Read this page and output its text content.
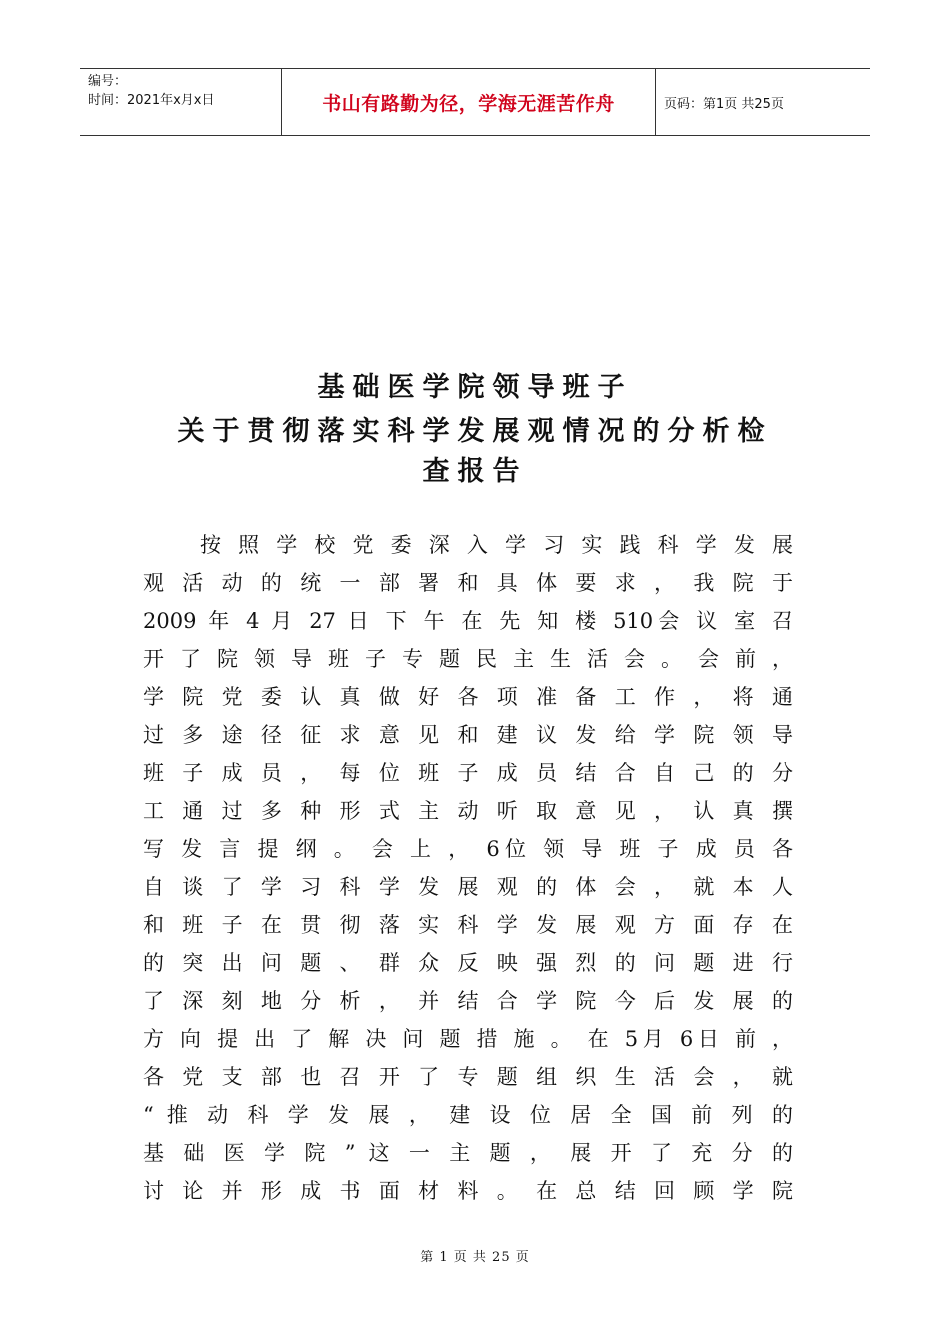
编号：
时间：2021年x月x日	书山有路勤为径，学海无涯苦作舟	页码：第1页 共25页
基础医学院领导班子
关于贯彻落实科学发展观情况的分析检
查报告
按 照 学 校 党 委 深 入 学 习 实 践 科 学 发 展
观 活 动 的 统 一 部 署 和 具 体 要 求 ， 我 院 于
2009 年 4 月 27 日 下 午 在 先 知 楼 510会 议 室 召
开 了 院 领 导 班 子 专 题 民 主 生 活 会 。 会 前 ，
学 院 党 委 认 真 做 好 各 项 准 备 工 作 ， 将 通
过 多 途 径 征 求 意 见 和 建 议 发 给 学 院 领 导
班 子 成 员 ， 每 位 班 子 成 员 结 合 自 己 的 分
工 通 过 多 种 形 式 主 动 听 取 意 见 ， 认 真 撰
写 发 言 提 纲 。 会 上 ， 6位 领 导 班 子 成 员 各
自 谈 了 学 习 科 学 发 展 观 的 体 会 ， 就 本 人
和 班 子 在 贯 彻 落 实 科 学 发 展 观 方 面 存 在
的 突 出 问 题 、 群 众 反 映 强 烈 的 问 题 进 行
了 深 刻 地 分 析 ， 并 结 合 学 院 今 后 发 展 的
方 向 提 出 了 解 决 问 题 措 施 。 在 5月 6日 前 ，
各 党 支 部 也 召 开 了 专 题 组 织 生 活 会 ， 就
“ 推 动 科 学 发 展 ， 建 设 位 居 全 国 前 列 的
基 础 医 学 院 ” 这 一 主 题 ， 展 开 了 充 分 的
讨 论 并 形 成 书 面 材 料 。 在 总 结 回 顾 学 院
第 1 页 共 25 页
